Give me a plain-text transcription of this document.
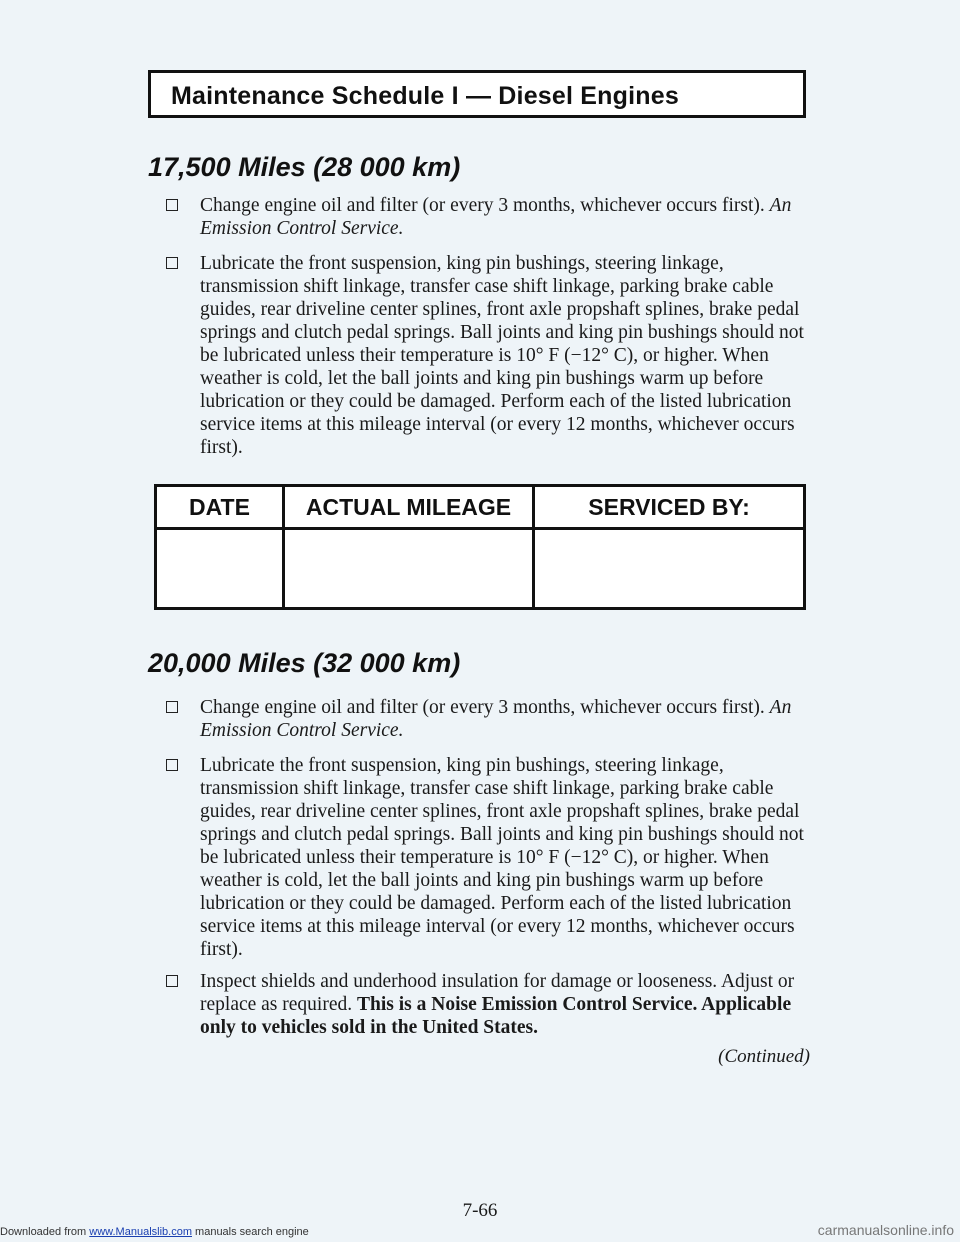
Maintenance Schedule I — Diesel Engines
17,500 Miles (28 000 km)
Change engine oil and filter (or every 3 months, whichever occurs first). An Emission Control Service.
Lubricate the front suspension, king pin bushings, steering linkage, transmission shift linkage, transfer case shift linkage, parking brake cable guides, rear driveline center splines, front axle propshaft splines, brake pedal springs and clutch pedal springs. Ball joints and king pin bushings should not be lubricated unless their temperature is 10° F (−12° C), or higher. When weather is cold, let the ball joints and king pin bushings warm up before lubrication or they could be damaged. Perform each of the listed lubrication service items at this mileage interval (or every 12 months, whichever occurs first).
DATE	ACTUAL MILEAGE	SERVICED BY:
20,000 Miles (32 000 km)
Change engine oil and filter (or every 3 months, whichever occurs first). An Emission Control Service.
Lubricate the front suspension, king pin bushings, steering linkage, transmission shift linkage, transfer case shift linkage, parking brake cable guides, rear driveline center splines, front axle propshaft splines, brake pedal springs and clutch pedal springs. Ball joints and king pin bushings should not be lubricated unless their temperature is 10° F (−12° C), or higher. When weather is cold, let the ball joints and king pin bushings warm up before lubrication or they could be damaged. Perform each of the listed lubrication service items at this mileage interval (or every 12 months, whichever occurs first).
Inspect shields and underhood insulation for damage or looseness. Adjust or replace as required. This is a Noise Emission Control Service. Applicable only to vehicles sold in the United States.
(Continued)
7-66
Downloaded from www.Manualslib.com manuals search engine	carmanualsonline.info
